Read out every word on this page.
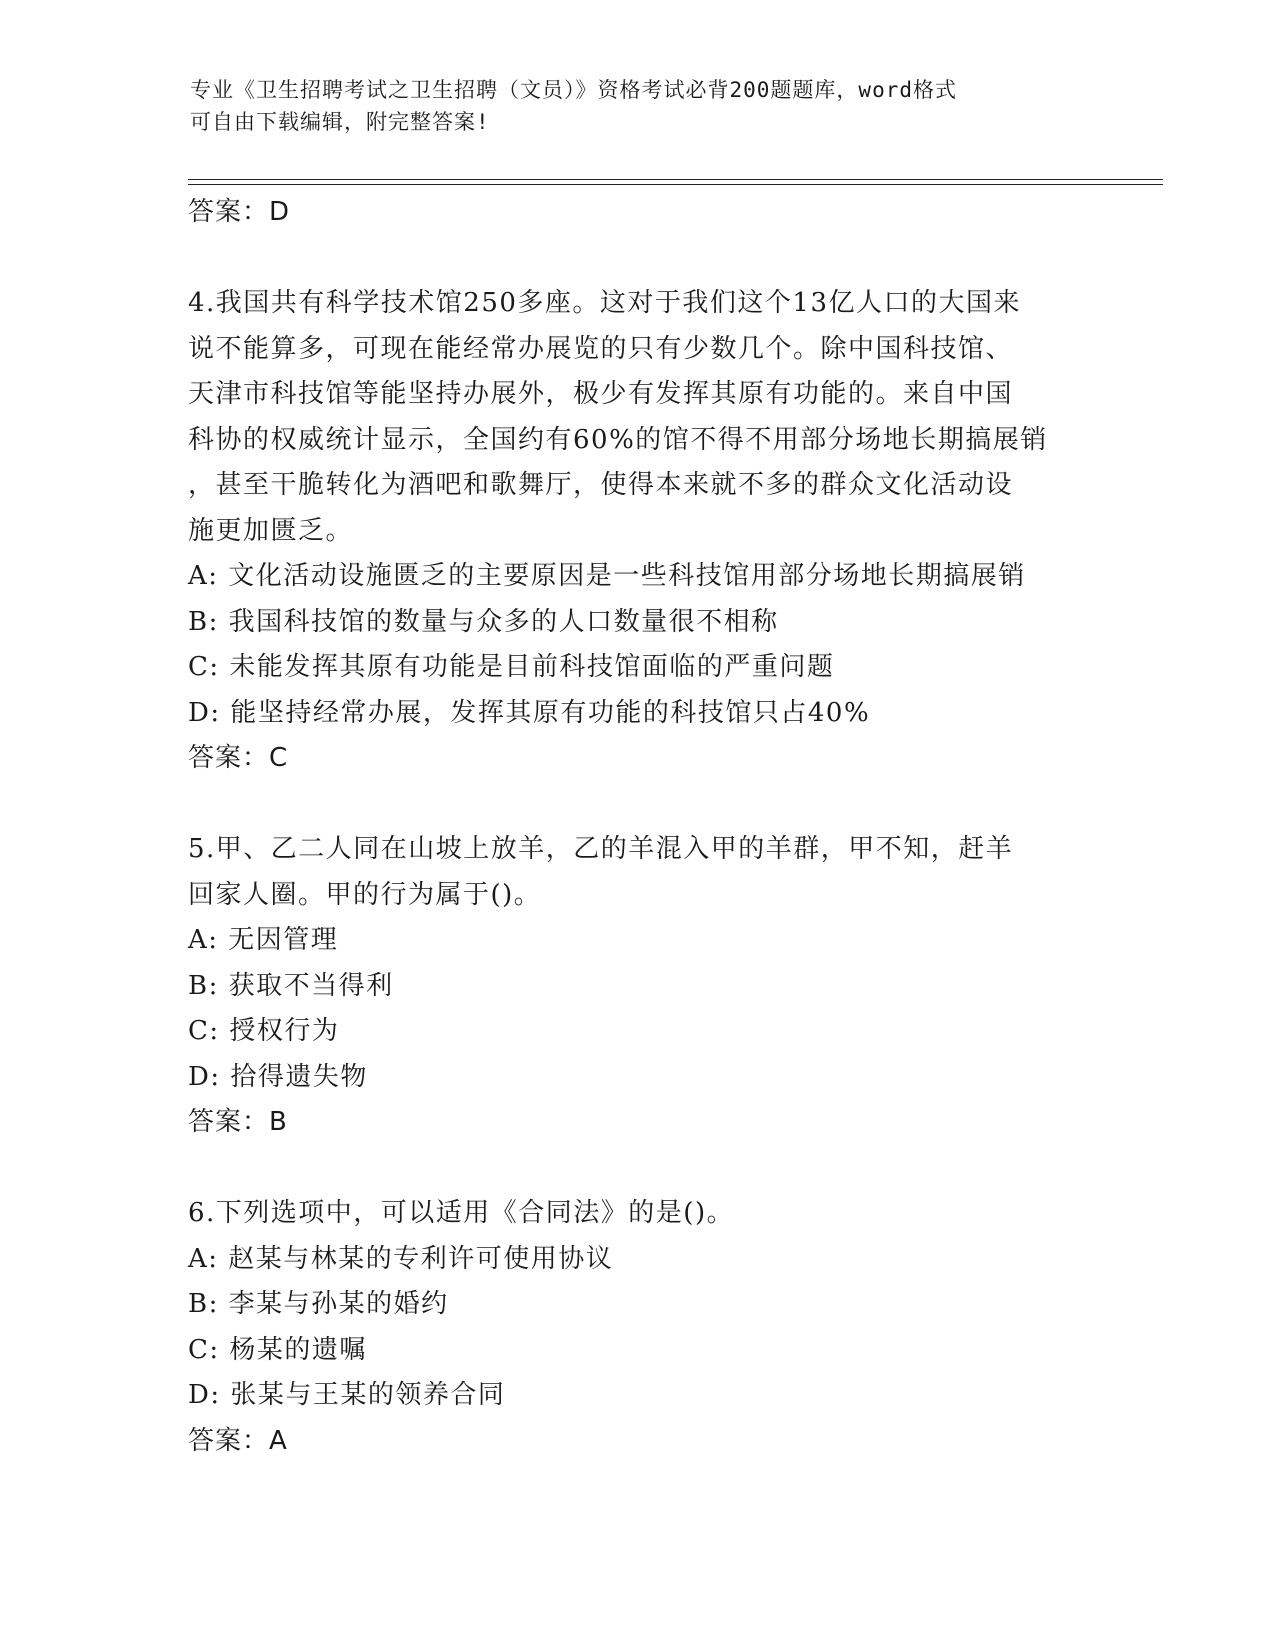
专业《卫生招聘考试之卫生招聘（文员）》资格考试必背200题题库，word格式
可自由下载编辑，附完整答案!
答案：D
4.我国共有科学技术馆250多座。这对于我们这个13亿人口的大国来
说不能算多，可现在能经常办展览的只有少数几个。除中国科技馆、
天津市科技馆等能坚持办展外，极少有发挥其原有功能的。来自中国
科协的权威统计显示，全国约有60%的馆不得不用部分场地长期搞展销
，甚至干脆转化为酒吧和歌舞厅，使得本来就不多的群众文化活动设
施更加匮乏。
A: 文化活动设施匮乏的主要原因是一些科技馆用部分场地长期搞展销
B: 我国科技馆的数量与众多的人口数量很不相称
C: 未能发挥其原有功能是目前科技馆面临的严重问题
D: 能坚持经常办展，发挥其原有功能的科技馆只占40%
答案：C
5.甲、乙二人同在山坡上放羊，乙的羊混入甲的羊群，甲不知，赶羊
回家人圈。甲的行为属于()。
A: 无因管理
B: 获取不当得利
C: 授权行为
D: 拾得遗失物
答案：B
6.下列选项中，可以适用《合同法》的是()。
A: 赵某与林某的专利许可使用协议
B: 李某与孙某的婚约
C: 杨某的遗嘱
D: 张某与王某的领养合同
答案：A
